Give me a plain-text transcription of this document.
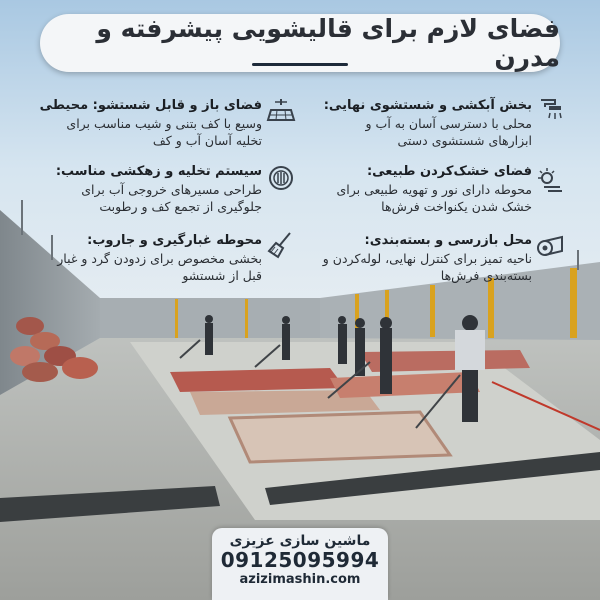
فضای لازم برای قالیشویی پیشرفته و مدرن
بخش آبکشی و شستشوی نهایی:
محلی با دسترسی آسان به آب و ابزارهای شستشوی دستی
فضای خشک‌کردن طبیعی:
محوطه دارای نور و تهویه طبیعی برای خشک شدن یکنواخت فرش‌ها
محل بازرسی و بسته‌بندی:
ناحیه تمیز برای کنترل نهایی، لوله‌کردن و بسته‌بندی فرش‌ها
فضای باز و قابل شستشو: محیطی
وسیع با کف بتنی و شیب مناسب برای تخلیه آسان آب و کف
سیستم تخلیه و زهکشی مناسب:
طراحی مسیرهای خروجی آب برای جلوگیری از تجمع کف و رطوبت
محوطه غبارگیری و جاروب:
بخشی مخصوص برای زدودن گرد و غبار قبل از شستشو
ماشین سازی عزیزی
09125095994
azizimashin.com
